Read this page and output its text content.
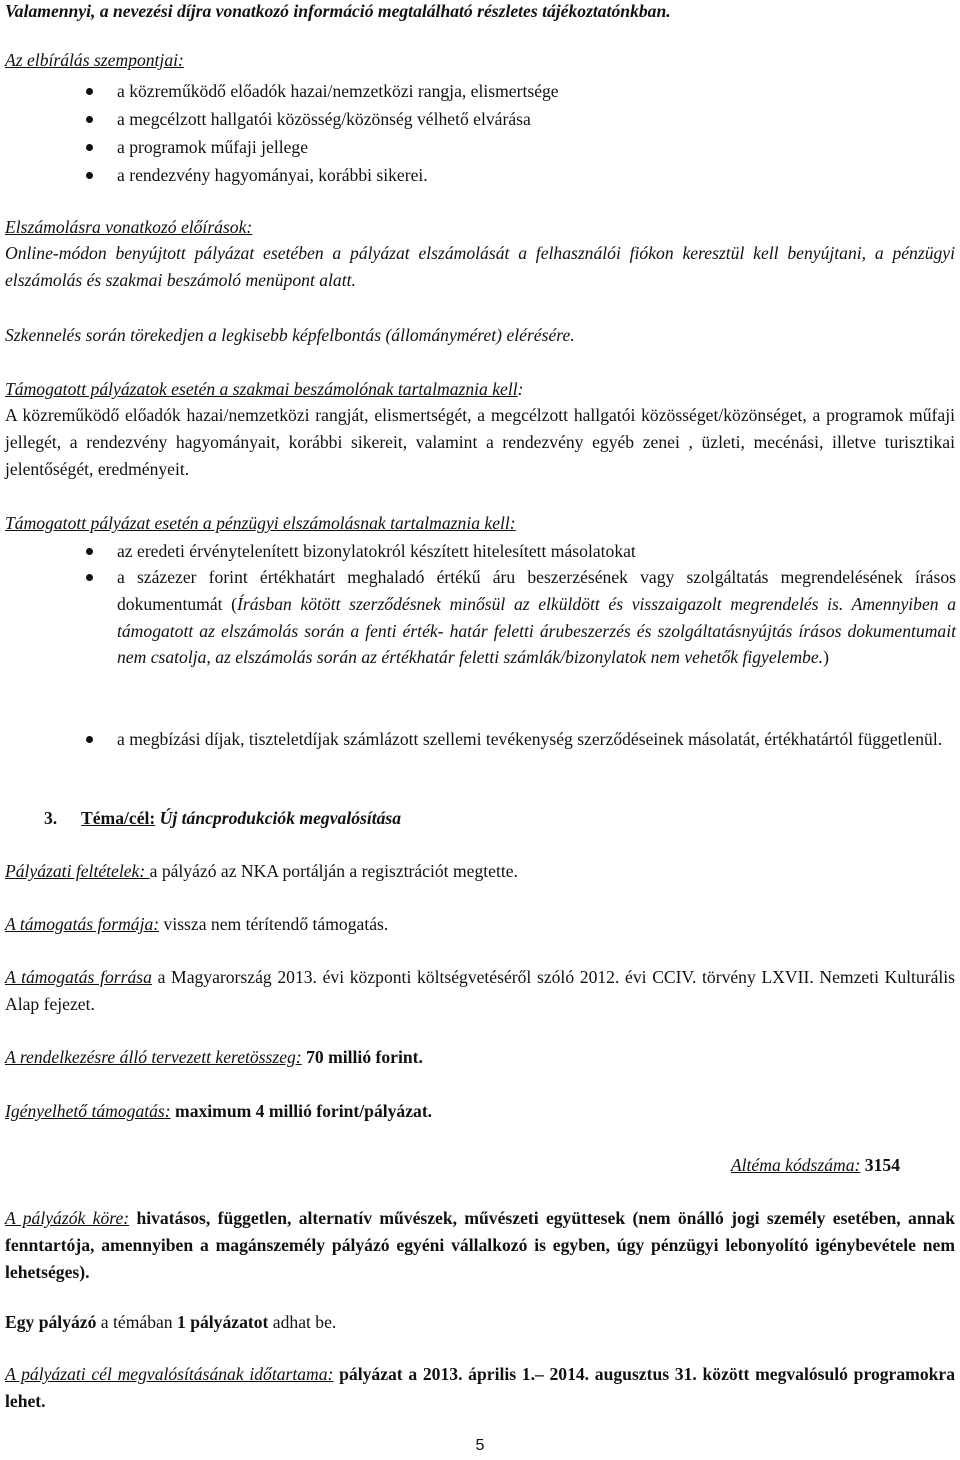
Valamennyi, a nevezési díjra vonatkozó információ megtalálható részletes tájékoztatónkban.
Az elbírálás szempontjai:
a közreműködő előadók hazai/nemzetközi rangja, elismertsége
a megcélzott hallgatói közösség/közönség vélhető elvárása
a programok műfaji jellege
a rendezvény hagyományai, korábbi sikerei.
Elszámolásra vonatkozó előírások:
Online-módon benyújtott pályázat esetében a pályázat elszámolását a felhasználói fiókon keresztül kell benyújtani, a pénzügyi elszámolás és szakmai beszámoló menüpont alatt.
Szkennelés során törekedjen a legkisebb képfelbontás (állományméret) elérésére.
Támogatott pályázatok esetén a szakmai beszámolónak tartalmaznia kell:
A közreműködő előadók hazai/nemzetközi rangját, elismertségét, a megcélzott hallgatói közösséget/közönséget, a programok műfaji jellegét, a rendezvény hagyományait, korábbi sikereit, valamint a rendezvény egyéb zenei , üzleti, mecénási, illetve turisztikai jelentőségét, eredményeit.
Támogatott pályázat esetén a pénzügyi elszámolásnak tartalmaznia kell:
az eredeti érvénytelenített bizonylatokról készített hitelesített másolatokat
a százezer forint értékhatárt meghaladó értékű áru beszerzésének vagy szolgáltatás megrendelésének írásos dokumentumát (Írásban kötött szerződésnek minősül az elküldött és visszaigazolt megrendelés is. Amennyiben a támogatott az elszámolás során a fenti érték- határ feletti árubeszerzés és szolgáltatásnyújtás írásos dokumentumait nem csatolja, az elszámolás során az értékhatár feletti számlák/bizonylatok nem vehetők figyelembe.)
a megbízási díjak, tiszteletdíjak számlázott szellemi tevékenység szerződéseinek másolatát, értékhatártól függetlenül.
3. Téma/cél: Új táncprodukciók megvalósítása
Pályázati feltételek: a pályázó az NKA portálján a regisztrációt megtette.
A támogatás formája: vissza nem térítendő támogatás.
A támogatás forrása a Magyarország 2013. évi központi költségvetéséről szóló 2012. évi CCIV. törvény LXVII. Nemzeti Kulturális Alap fejezet.
A rendelkezésre álló tervezett keretösszeg: 70 millió forint.
Igényelhető támogatás: maximum 4 millió forint/pályázat.
Altéma kódszáma: 3154
A pályázók köre: hivatásos, független, alternatív művészek, művészeti együttesek (nem önálló jogi személy esetében, annak fenntartója, amennyiben a magánszemély pályázó egyéni vállalkozó is egyben, úgy pénzügyi lebonyolító igénybevétele nem lehetséges).
Egy pályázó a témában 1 pályázatot adhat be.
A pályázati cél megvalósításának időtartama: pályázat a 2013. április 1.– 2014. augusztus 31. között megvalósuló programokra lehet.
5
